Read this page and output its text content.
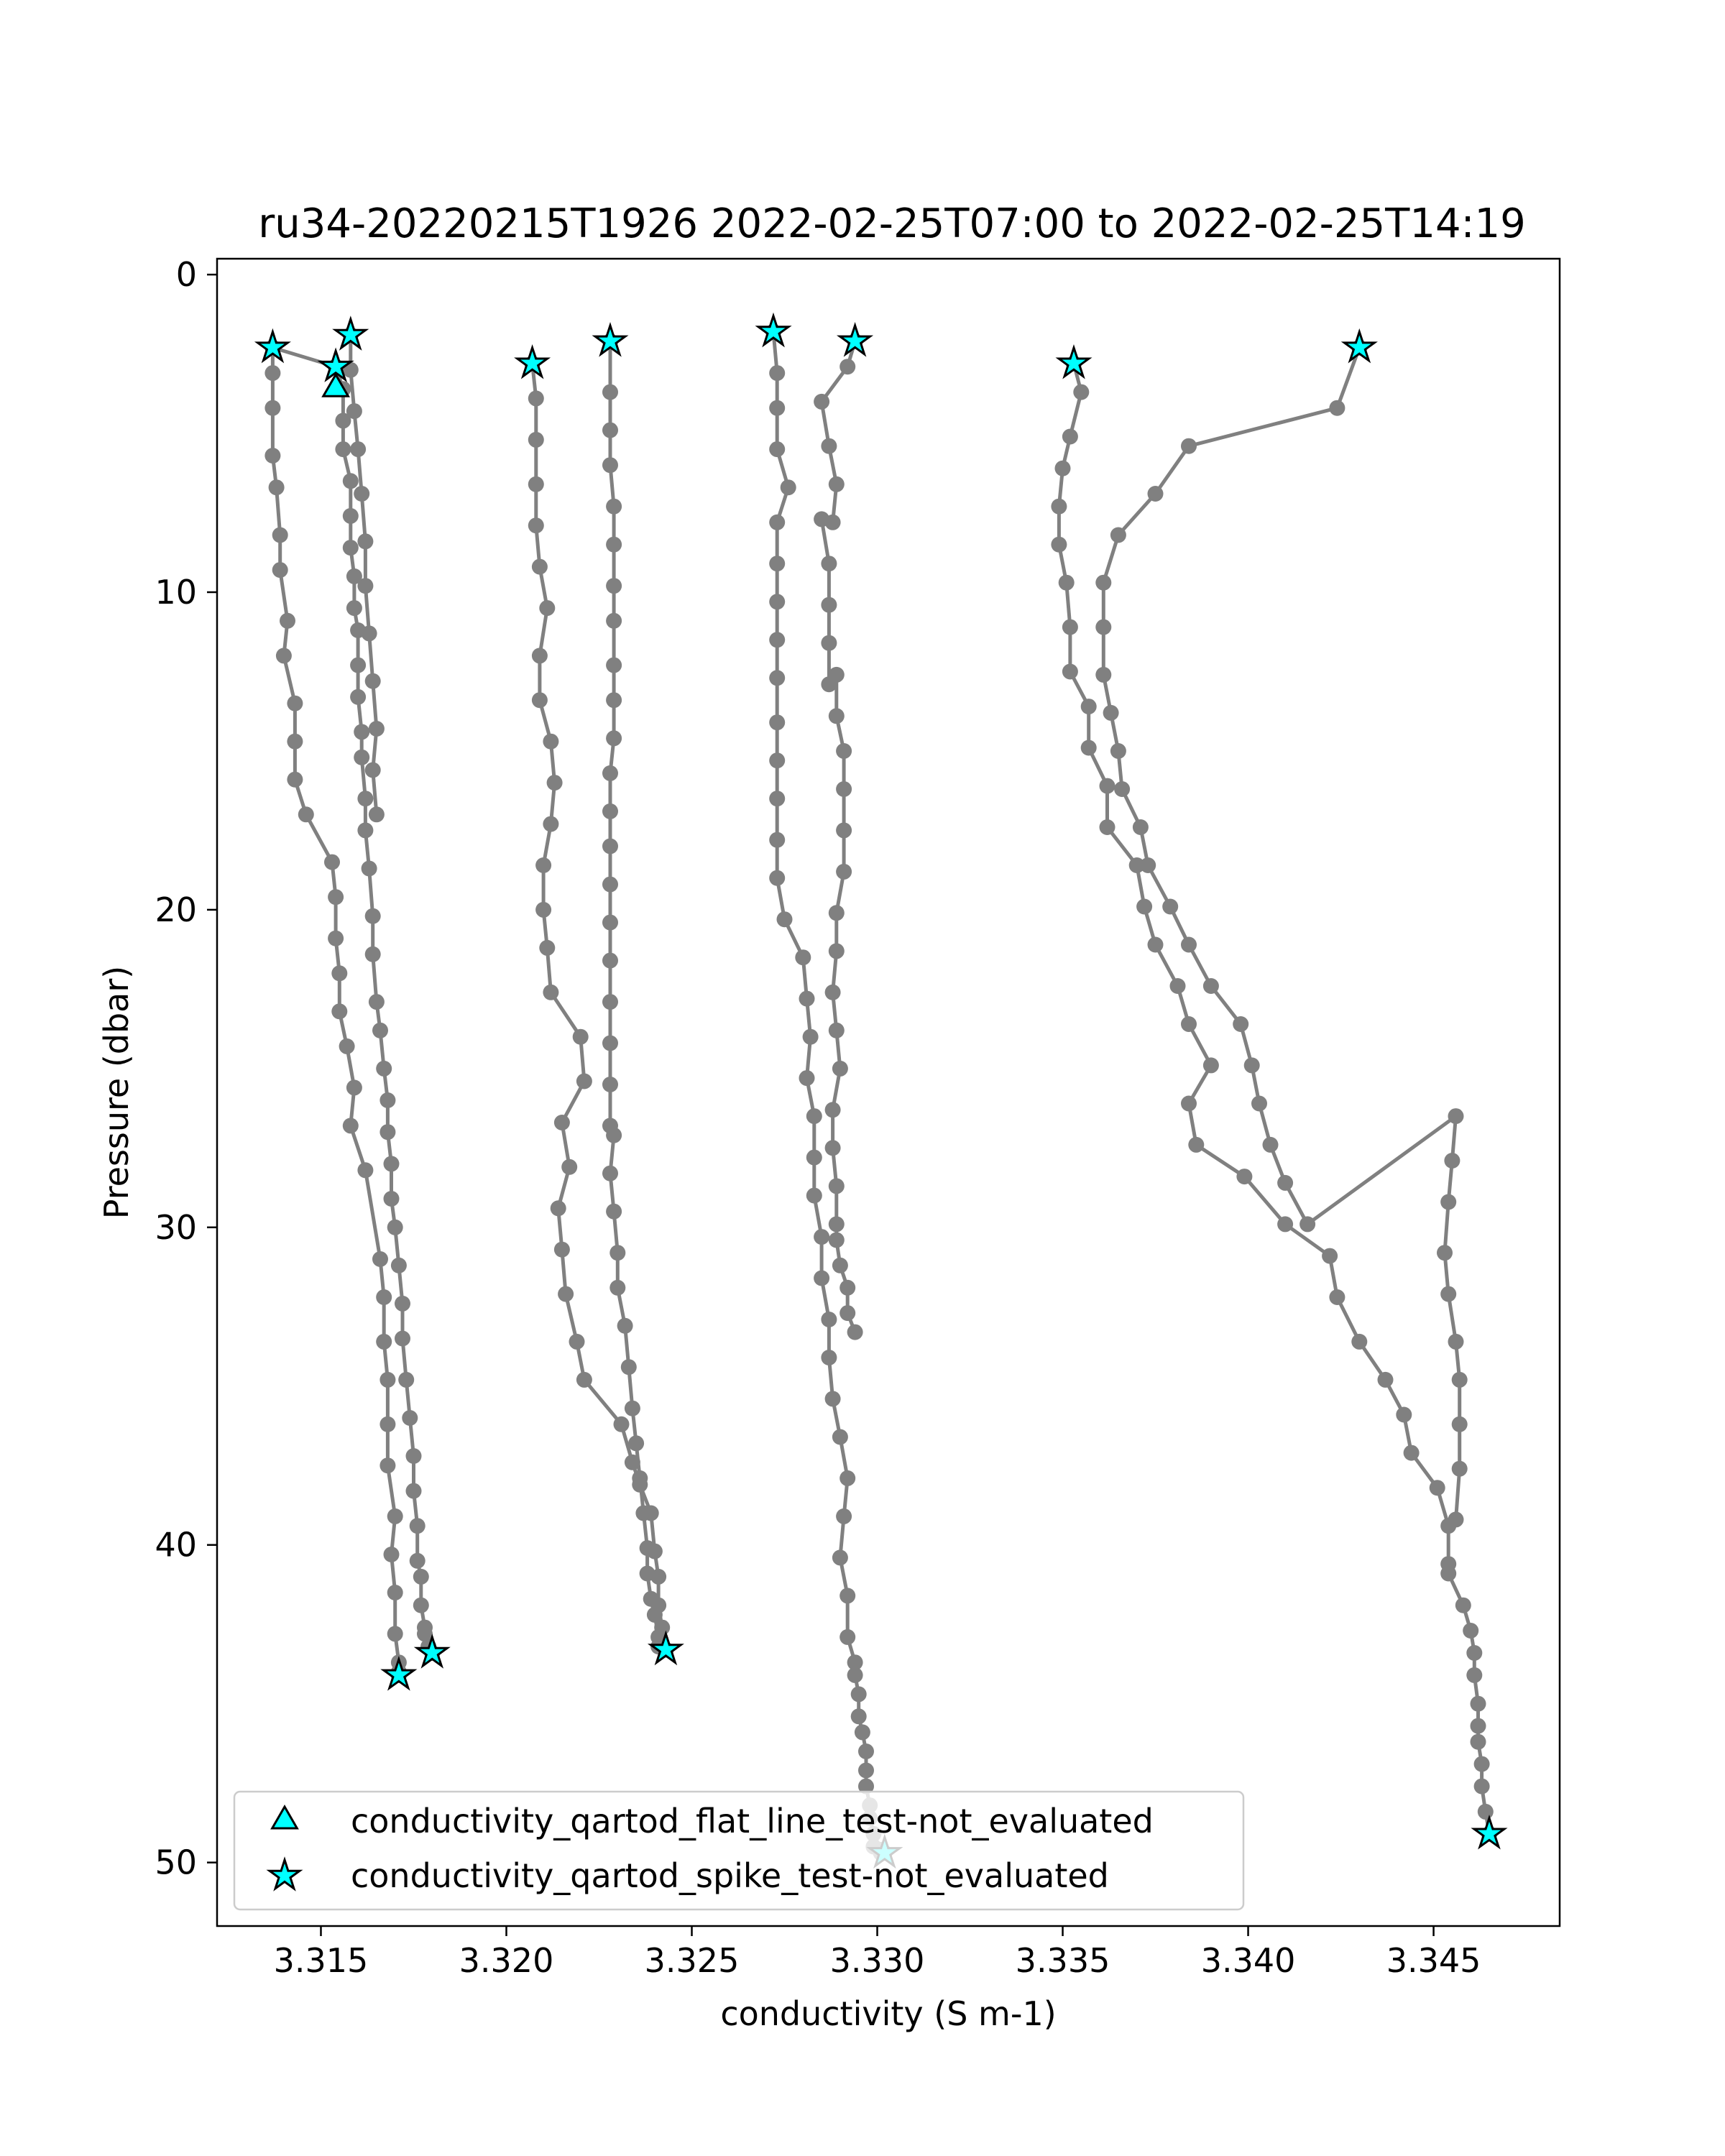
ru34-20220215T1926 2022-02-25T07:00 to 2022-02-25T14:19
3.315	3.320	3.325	3.330	3.335	3.340	3.345
0
10
20
30
40
50
conductivity (S m-1)
Pressure (dbar)
conductivity_qartod_flat_line_test-not_evaluated
conductivity_qartod_spike_test-not_evaluated
